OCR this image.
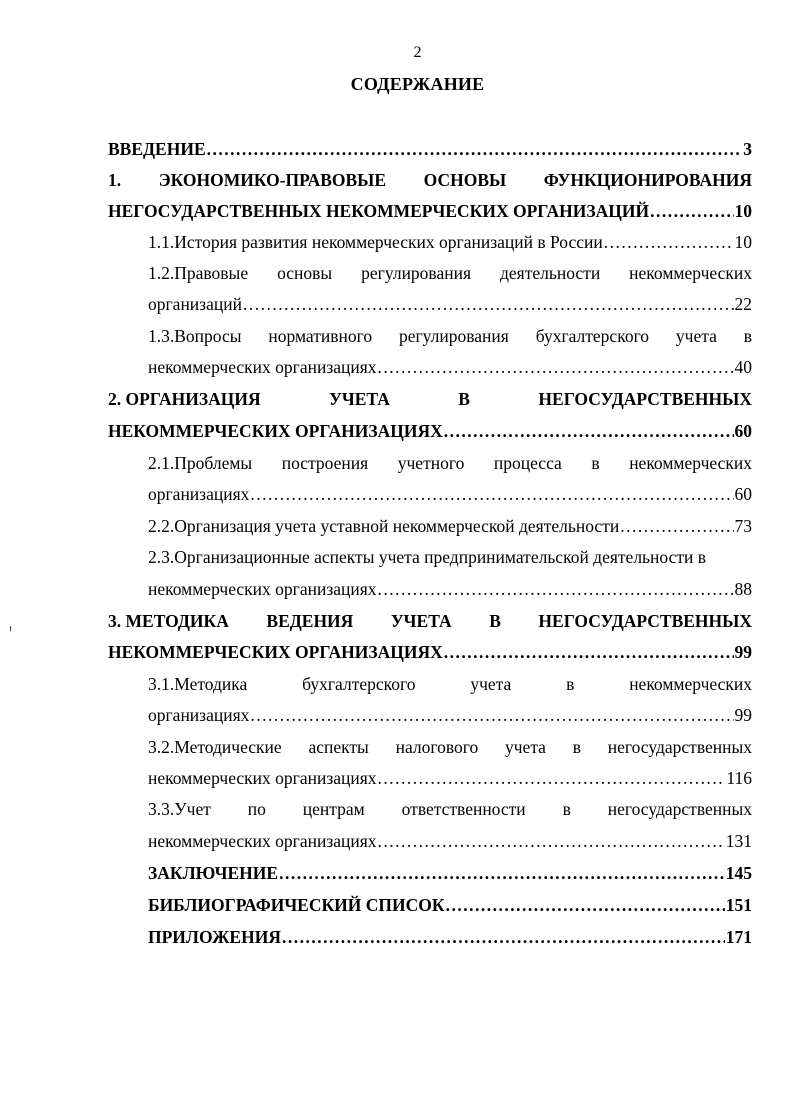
2
СОДЕРЖАНИЕ
ВВЕДЕНИЕ .....	3
1. ЭКОНОМИКО-ПРАВОВЫЕ ОСНОВЫ ФУНКЦИОНИРОВАНИЯ
НЕГОСУДАРСТВЕННЫХ НЕКОММЕРЧЕСКИХ ОРГАНИЗАЦИЙ .....	10
1.1.История развития некоммерческих организаций в России .....	10
1.2.Правовые основы регулирования деятельности некоммерческих
организаций .....	22
1.3.Вопросы нормативного регулирования бухгалтерского учета в
некоммерческих организациях .....	40
2. ОРГАНИЗАЦИЯ	УЧЕТА	В	НЕГОСУДАРСТВЕННЫХ
НЕКОММЕРЧЕСКИХ ОРГАНИЗАЦИЯХ .....	60
2.1.Проблемы построения учетного процесса в некоммерческих
организациях .....	60
2.2.Организация учета уставной некоммерческой деятельности .....	73
2.3.Организационные аспекты учета предпринимательской деятельности в
некоммерческих организациях .....	88
3. МЕТОДИКА ВЕДЕНИЯ УЧЕТА В НЕГОСУДАРСТВЕННЫХ
НЕКОММЕРЧЕСКИХ ОРГАНИЗАЦИЯХ .....	99
3.1.Методика	бухгалтерского	учета	в	некоммерческих
организациях .....	99
3.2.Методические аспекты налогового учета в негосударственных
некоммерческих организациях .....	116
3.3.Учет по центрам ответственности в негосударственных
некоммерческих организациях .....	131
ЗАКЛЮЧЕНИЕ .....	145
БИБЛИОГРАФИЧЕСКИЙ СПИСОК .....	151
ПРИЛОЖЕНИЯ .....	171
